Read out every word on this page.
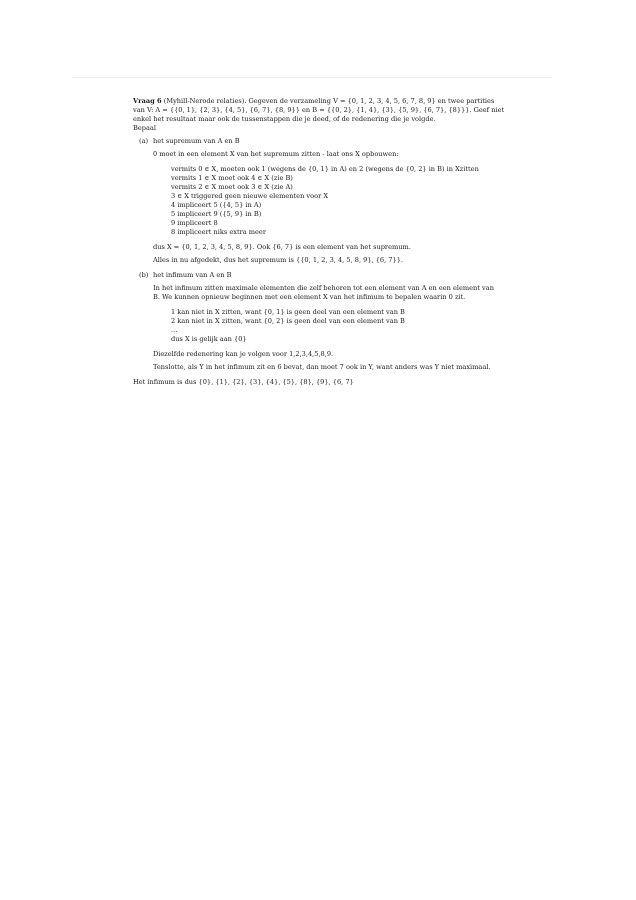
Vraag 6 (Myhill-Nerode relaties). Gegeven de verzameling V = {0, 1, 2, 3, 4, 5, 6, 7, 8, 9} en twee partities

van V: A = {{0, 1}, {2, 3}, {4, 5}, {6, 7}, {8, 9}} en B = {{0, 2}, {1, 4}, {3}, {5, 9}, {6, 7}, {8}}}. Geef niet

enkel het resultaat maar ook de tussenstappen die je deed, of de redenering die je volgde.

Bepaal

(a) het supremum van A en B

0 moet in een element X van het supremum zitten - laat ons X opbouwen:

vermits 0 ∈ X, moeten ook 1 (wegens de {0, 1} in A) en 2 (wegens de {0, 2} in B) in Xzitten

vermits 1 ∈ X moet ook 4 ∈ X (zie B)

vermits 2 ∈ X moet ook 3 ∈ X (zie A)

3 ∈ X triggered geen nieuwe elementen voor X

4 impliceert 5 ({4, 5} in A)

5 impliceert 9 ({5, 9} in B)

9 impliceert 8

8 impliceert niks extra meer

dus X = {0, 1, 2, 3, 4, 5, 8, 9}. Ook {6, 7} is een element van het supremum.

Alles in nu afgedekt, dus het supremum is {{0, 1, 2, 3, 4, 5, 8, 9}, {6, 7}}.

(b) het infimum van A en B

In het infimum zitten maximale elementen die zelf behoren tot een element van A en een element van

B. We kunnen opnieuw beginnen met een element X van het infimum te bepalen waarin 0 zit.

1 kan niet in X zitten, want {0, 1} is geen deel van een element van B

2 kan niet in X zitten, want {0, 2} is geen deel van een element van B

...

dus X is gelijk aan {0}

Diezelfde redenering kan je volgen voor 1,2,3,4,5,8,9.

Tenslotte, als Y in het infimum zit en 6 bevat, dan moet 7 ook in Y, want anders was Y niet maximaal.

Het infimum is dus {0}, {1}, {2}, {3}, {4}, {5}, {8}, {9}, {6, 7}
